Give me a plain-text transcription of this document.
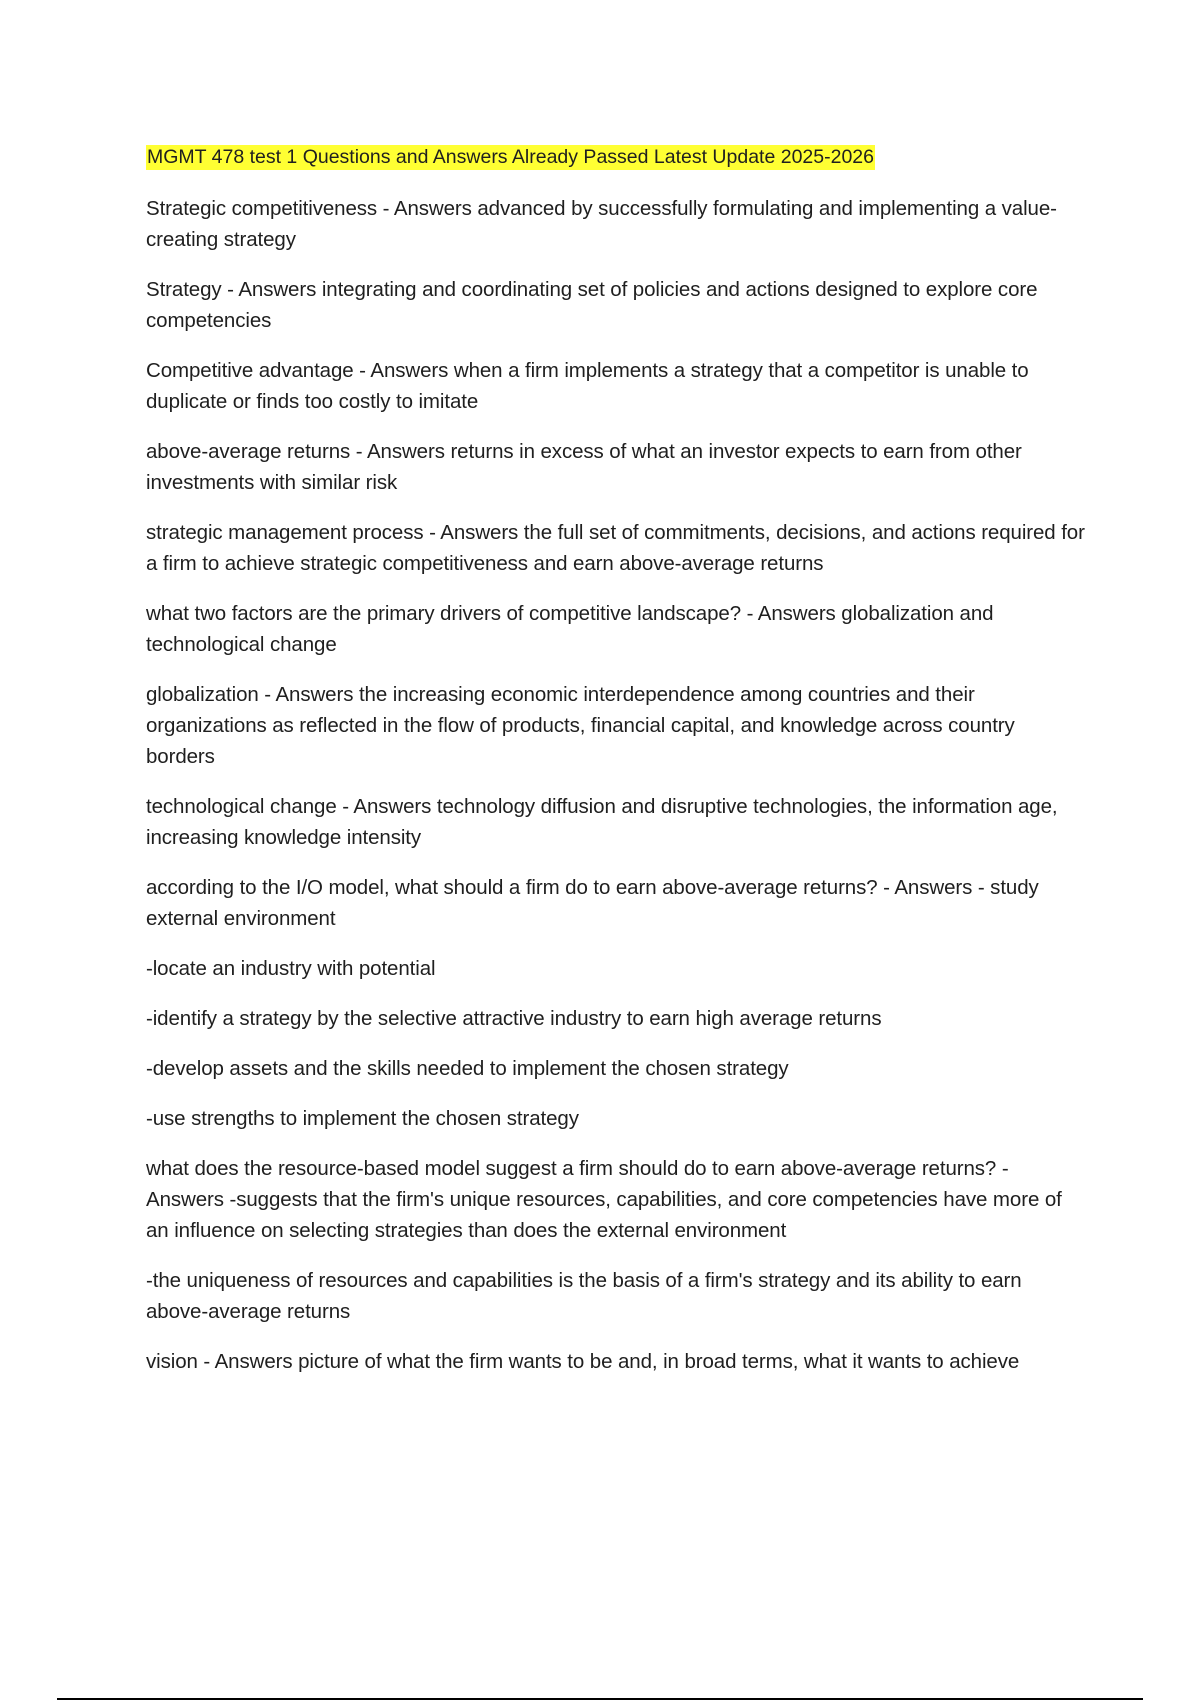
MGMT 478 test 1 Questions and Answers Already Passed Latest Update 2025-2026

Strategic competitiveness - Answers advanced by successfully formulating and implementing a value-creating strategy

Strategy - Answers integrating and coordinating set of policies and actions designed to explore core competencies

Competitive advantage - Answers when a firm implements a strategy that a competitor is unable to duplicate or finds too costly to imitate

above-average returns - Answers returns in excess of what an investor expects to earn from other investments with similar risk

strategic management process - Answers the full set of commitments, decisions, and actions required for a firm to achieve strategic competitiveness and earn above-average returns

what two factors are the primary drivers of competitive landscape? - Answers globalization and technological change

globalization - Answers the increasing economic interdependence among countries and their organizations as reflected in the flow of products, financial capital, and knowledge across country borders

technological change - Answers technology diffusion and disruptive technologies, the information age, increasing knowledge intensity

according to the I/O model, what should a firm do to earn above-average returns? - Answers - study external environment

-locate an industry with potential

-identify a strategy by the selective attractive industry to earn high average returns

-develop assets and the skills needed to implement the chosen strategy

-use strengths to implement the chosen strategy

what does the resource-based model suggest a firm should do to earn above-average returns? - Answers -suggests that the firm's unique resources, capabilities, and core competencies have more of an influence on selecting strategies than does the external environment

-the uniqueness of resources and capabilities is the basis of a firm's strategy and its ability to earn above-average returns

vision - Answers picture of what the firm wants to be and, in broad terms, what it wants to achieve
